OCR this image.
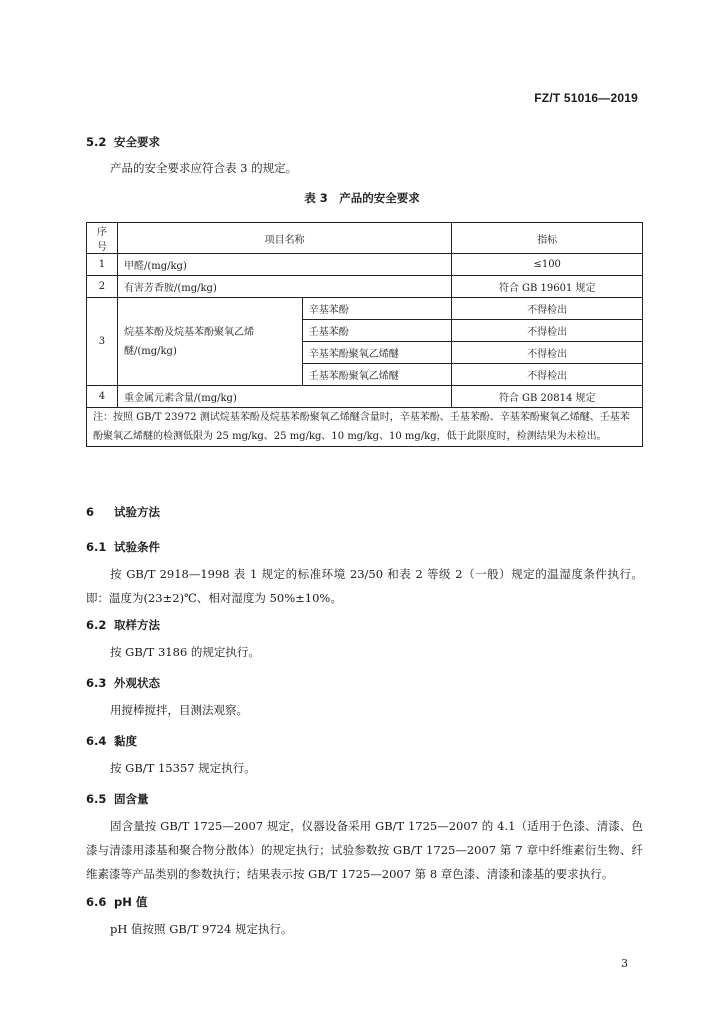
FZ/T 51016—2019
5.2 安全要求
产品的安全要求应符合表 3 的规定。
表 3　产品的安全要求
序号	项目名称		指标
1	甲醛/(mg/kg)		≤100
2	有害芳香胺/(mg/kg)		符合 GB 19601 规定
3	烷基苯酚及烷基苯酚聚氧乙烯醚/(mg/kg)	辛基苯酚	不得检出
		壬基苯酚	不得检出
		辛基苯酚聚氧乙烯醚	不得检出
		壬基苯酚聚氧乙烯醚	不得检出
4	重金属元素含量/(mg/kg)		符合 GB 20814 规定
注：按照 GB/T 23972 测试烷基苯酚及烷基苯酚聚氧乙烯醚含量时，辛基苯酚、壬基苯酚、辛基苯酚聚氧乙烯醚、壬基苯酚聚氧乙烯醚的检测低限为 25 mg/kg、25 mg/kg、10 mg/kg、10 mg/kg，低于此限度时，检测结果为未检出。			
6 试验方法
6.1 试验条件
按 GB/T 2918—1998 表 1 规定的标准环境 23/50 和表 2 等级 2（一般）规定的温湿度条件执行。即：温度为(23±2)℃、相对湿度为 50%±10%。
6.2 取样方法
按 GB/T 3186 的规定执行。
6.3 外观状态
用搅棒搅拌，目测法观察。
6.4 黏度
按 GB/T 15357 规定执行。
6.5 固含量
固含量按 GB/T 1725—2007 规定，仪器设备采用 GB/T 1725—2007 的 4.1（适用于色漆、清漆、色漆与清漆用漆基和聚合物分散体）的规定执行；试验参数按 GB/T 1725—2007 第 7 章中纤维素衍生物、纤维素漆等产品类别的参数执行；结果表示按 GB/T 1725—2007 第 8 章色漆、清漆和漆基的要求执行。
6.6 pH 值
pH 值按照 GB/T 9724 规定执行。
3
